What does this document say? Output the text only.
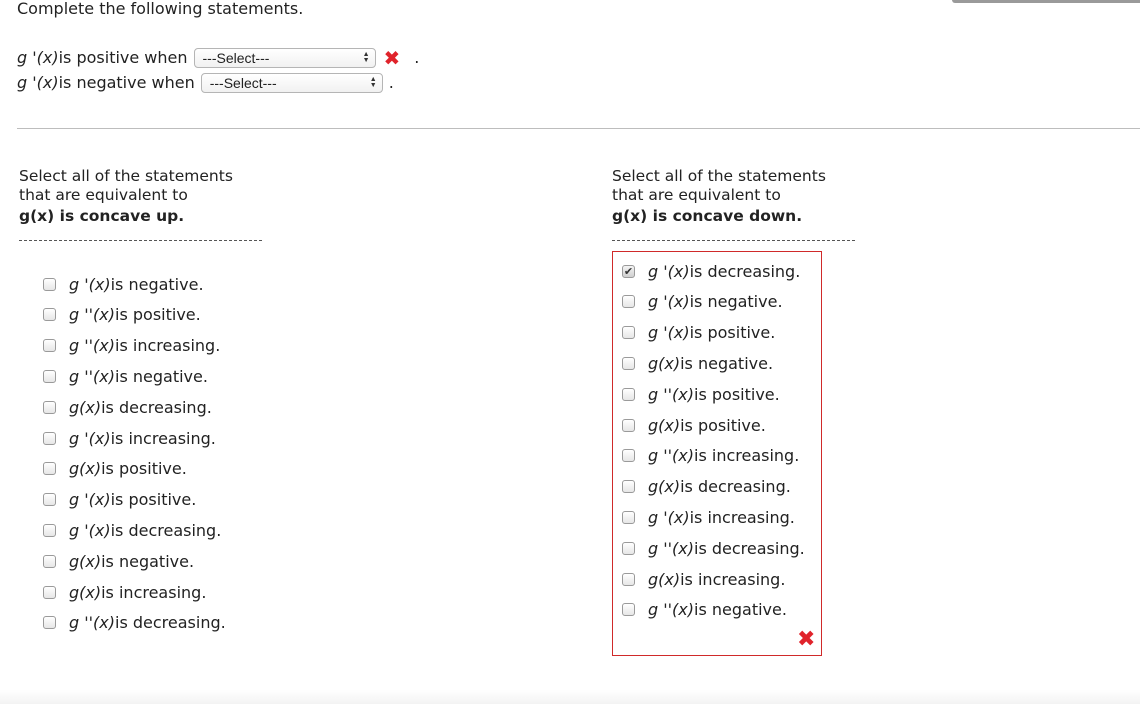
Complete the following statements.
g '(x) is positive when ---Select---	▲
▼ ✖ .
g '(x) is negative when ---Select---	▲
▼ .
Select all of the statements
that are equivalent to
g(x) is concave up.
Select all of the statements
that are equivalent to
g(x) is concave down.
g '(x) is negative.
g ''(x) is positive.
g ''(x) is increasing.
g ''(x) is negative.
g(x) is decreasing.
g '(x) is increasing.
g(x) is positive.
g '(x) is positive.
g '(x) is decreasing.
g(x) is negative.
g(x) is increasing.
g ''(x) is decreasing.
✔ g '(x) is decreasing.
g '(x) is negative.
g '(x) is positive.
g(x) is negative.
g ''(x) is positive.
g(x) is positive.
g ''(x) is increasing.
g(x) is decreasing.
g '(x) is increasing.
g ''(x) is decreasing.
g(x) is increasing.
g ''(x) is negative.
✖
